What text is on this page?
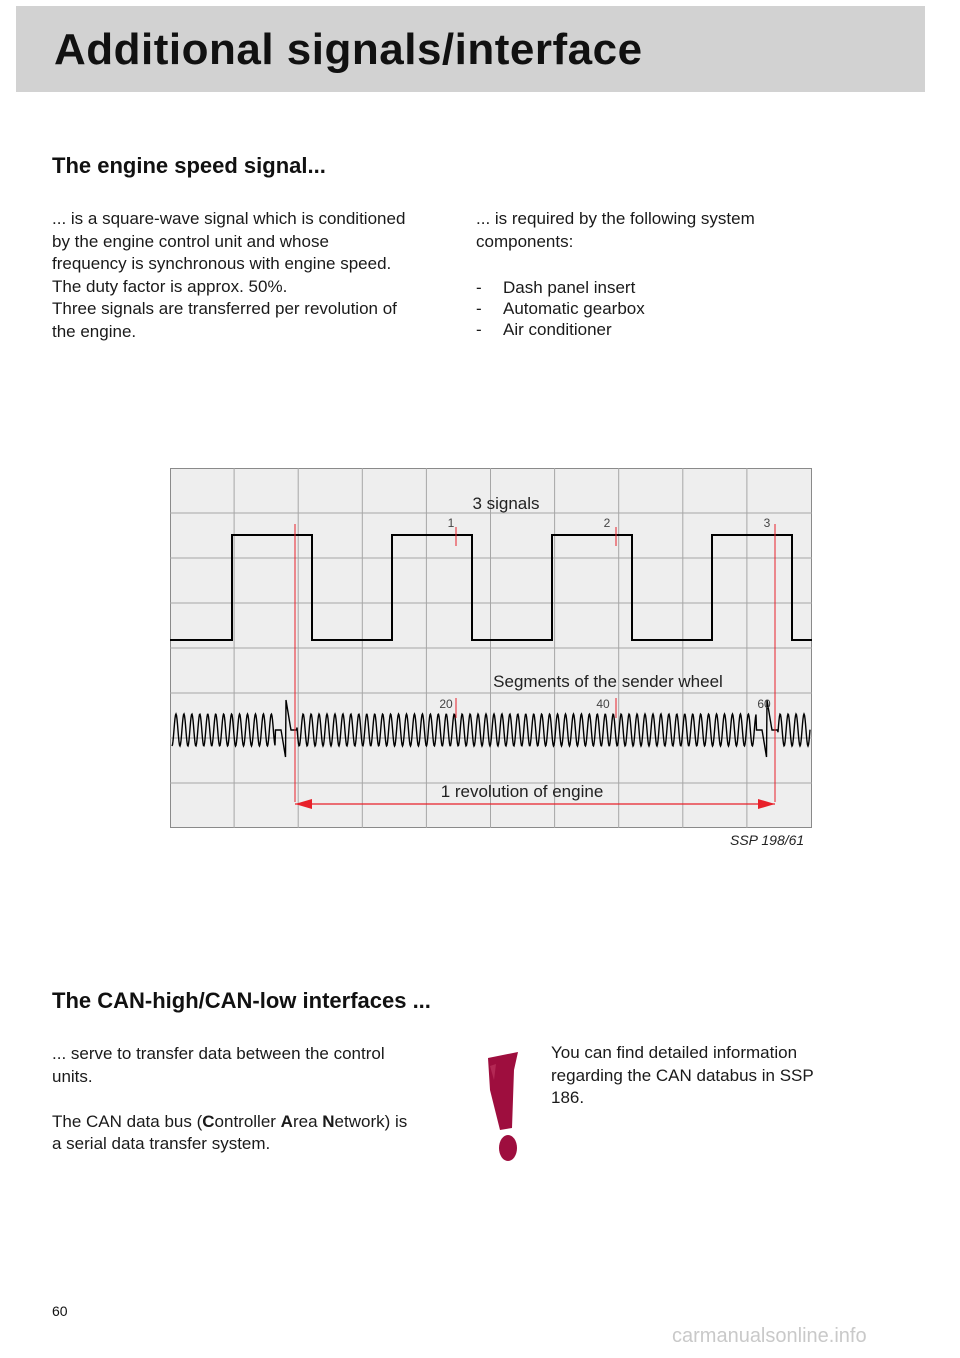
Additional signals/interface
The engine speed signal...
... is a square-wave signal which is conditioned
by the engine control unit and whose
frequency is synchronous with engine speed.
The duty factor is approx. 50%.
Three signals are transferred per revolution of
the engine.
... is required by the following system
components:
- Dash panel insert
- Automatic gearbox
- Air conditioner
3 signals
1	2	3
Segments of the sender wheel
20	40	60
1 revolution of engine
SSP 198/61
The CAN-high/CAN-low interfaces ...
... serve to transfer data between the control
units.
The CAN data bus (Controller Area Network) is
a serial data transfer system.
You can find detailed information
regarding the CAN databus in SSP
186.
60
carmanualsonline.info
